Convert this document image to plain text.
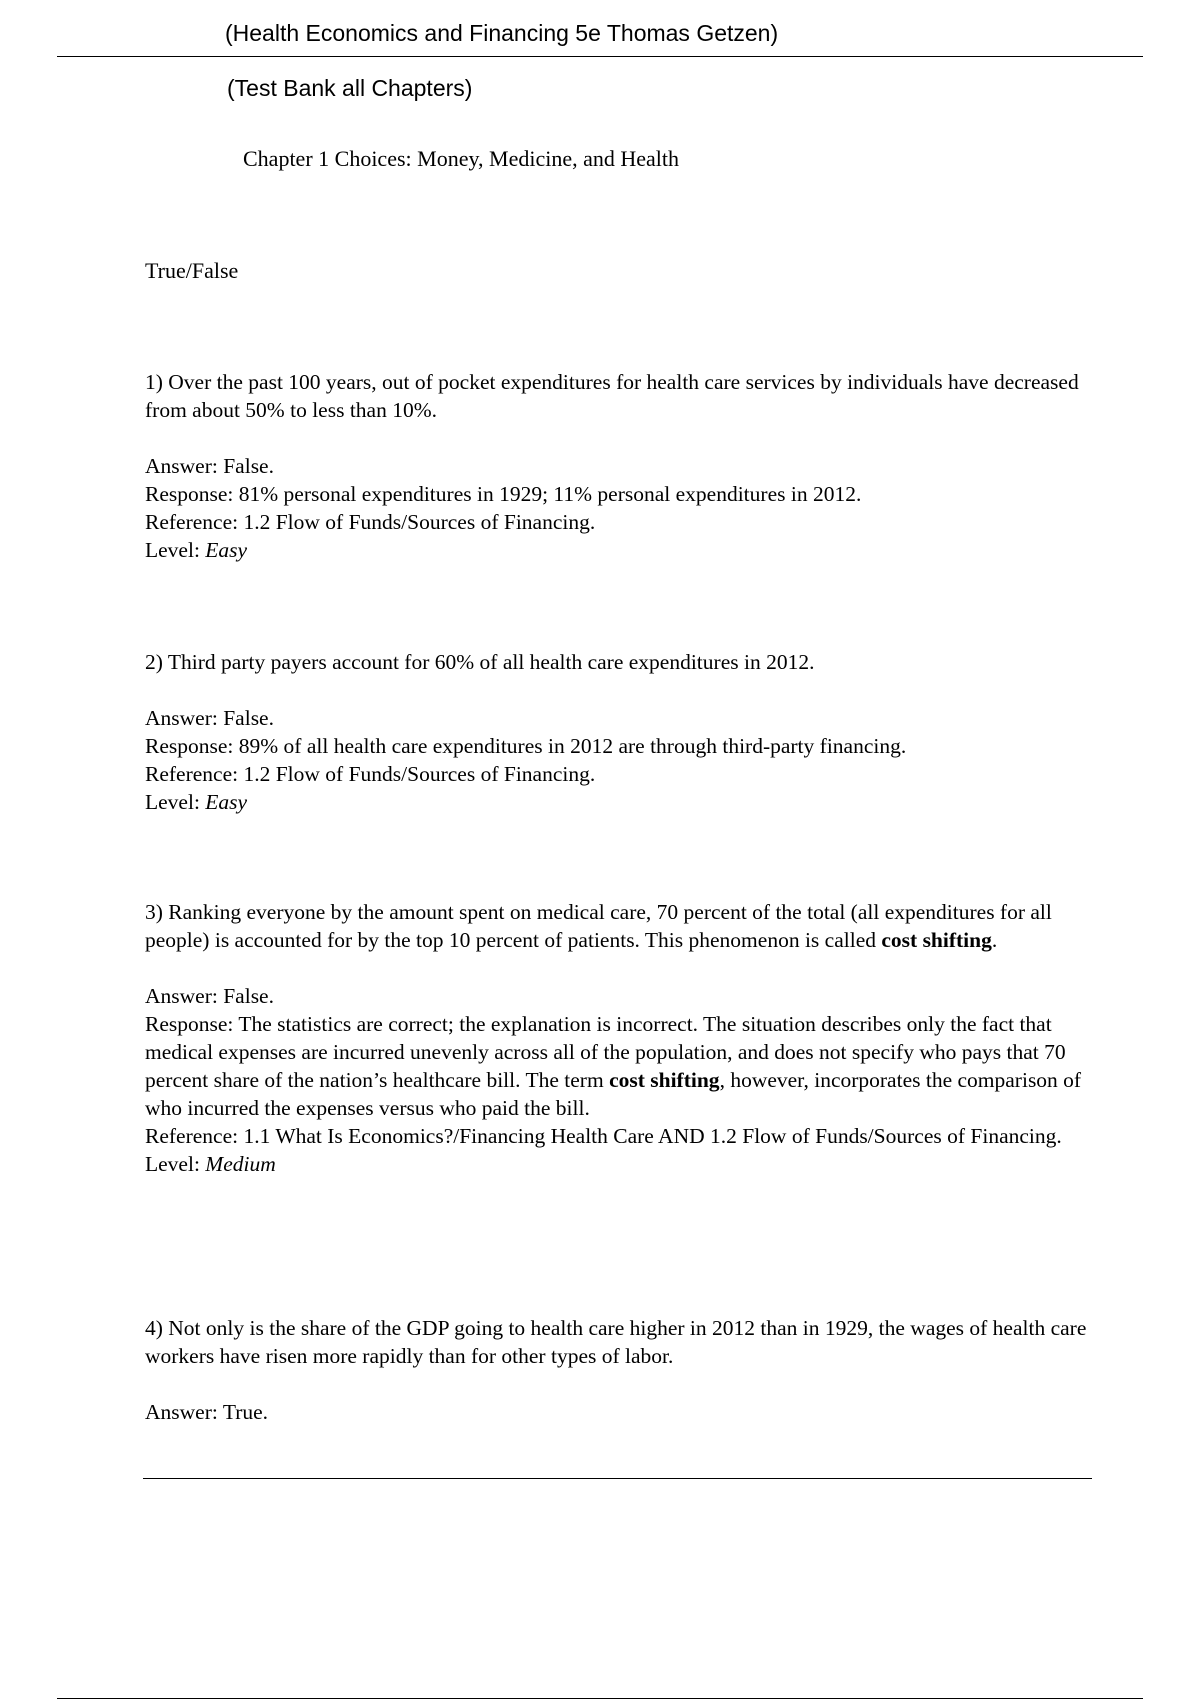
(Health Economics and Financing 5e Thomas Getzen)
(Test Bank all Chapters)
Chapter 1 Choices: Money, Medicine, and Health
True/False

1) Over the past 100 years, out of pocket expenditures for health care services by individuals have decreased from about 50% to less than 10%.

Answer: False.

Response: 81% personal expenditures in 1929; 11% personal expenditures in 2012.

Reference: 1.2 Flow of Funds/Sources of Financing.

Level: Easy

2) Third party payers account for 60% of all health care expenditures in 2012.

Answer: False.

Response: 89% of all health care expenditures in 2012 are through third-party financing.

Reference: 1.2 Flow of Funds/Sources of Financing.

Level: Easy

3) Ranking everyone by the amount spent on medical care, 70 percent of the total (all expenditures for all people) is accounted for by the top 10 percent of patients. This phenomenon is called cost shifting.

Answer: False.

Response: The statistics are correct; the explanation is incorrect. The situation describes only the fact that medical expenses are incurred unevenly across all of the population, and does not specify who pays that 70 percent share of the nation’s healthcare bill. The term cost shifting, however, incorporates the comparison of who incurred the expenses versus who paid the bill.

Reference: 1.1 What Is Economics?/Financing Health Care AND 1.2 Flow of Funds/Sources of Financing.

Level: Medium

4) Not only is the share of the GDP going to health care higher in 2012 than in 1929, the wages of health care workers have risen more rapidly than for other types of labor.

Answer: True.
